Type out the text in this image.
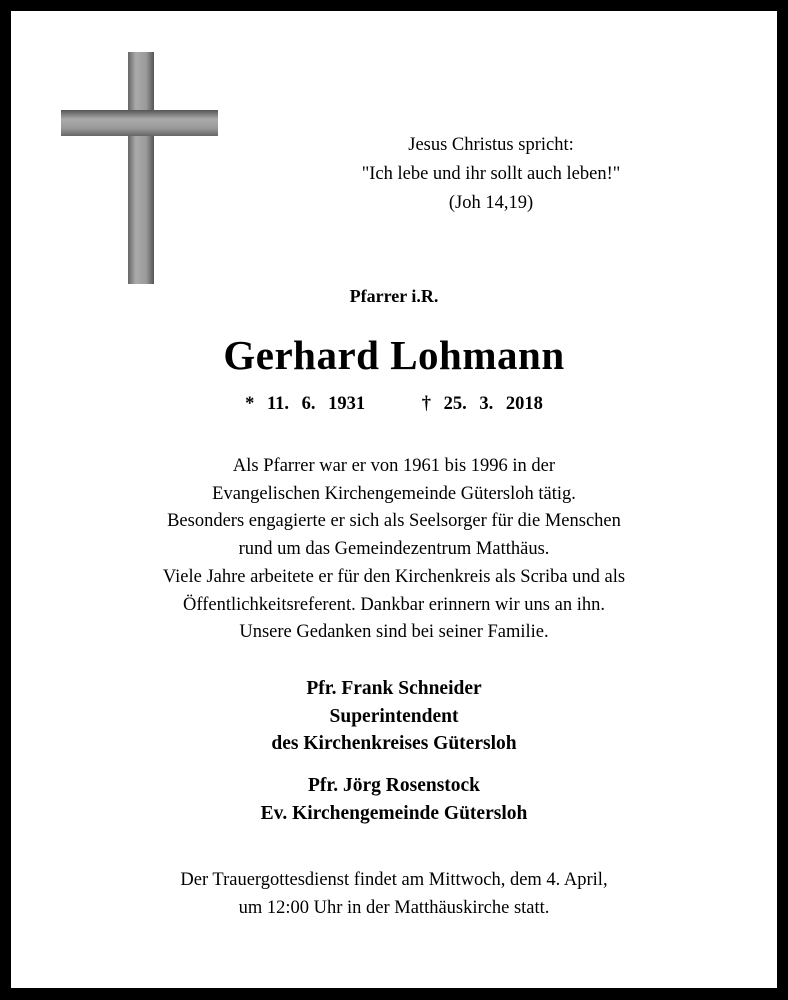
Jesus Christus spricht:
"Ich lebe und ihr sollt auch leben!"
(Joh 14,19)
Pfarrer i.R.
Gerhard Lohmann
* 11. 6. 1931	† 25. 3. 2018
Als Pfarrer war er von 1961 bis 1996 in der
Evangelischen Kirchengemeinde Gütersloh tätig.
Besonders engagierte er sich als Seelsorger für die Menschen
rund um das Gemeindezentrum Matthäus.
Viele Jahre arbeitete er für den Kirchenkreis als Scriba und als
Öffentlichkeitsreferent. Dankbar erinnern wir uns an ihn.
Unsere Gedanken sind bei seiner Familie.
Pfr. Frank Schneider
Superintendent
des Kirchenkreises Gütersloh
Pfr. Jörg Rosenstock
Ev. Kirchengemeinde Gütersloh
Der Trauergottesdienst findet am Mittwoch, dem 4. April,
um 12:00 Uhr in der Matthäuskirche statt.
